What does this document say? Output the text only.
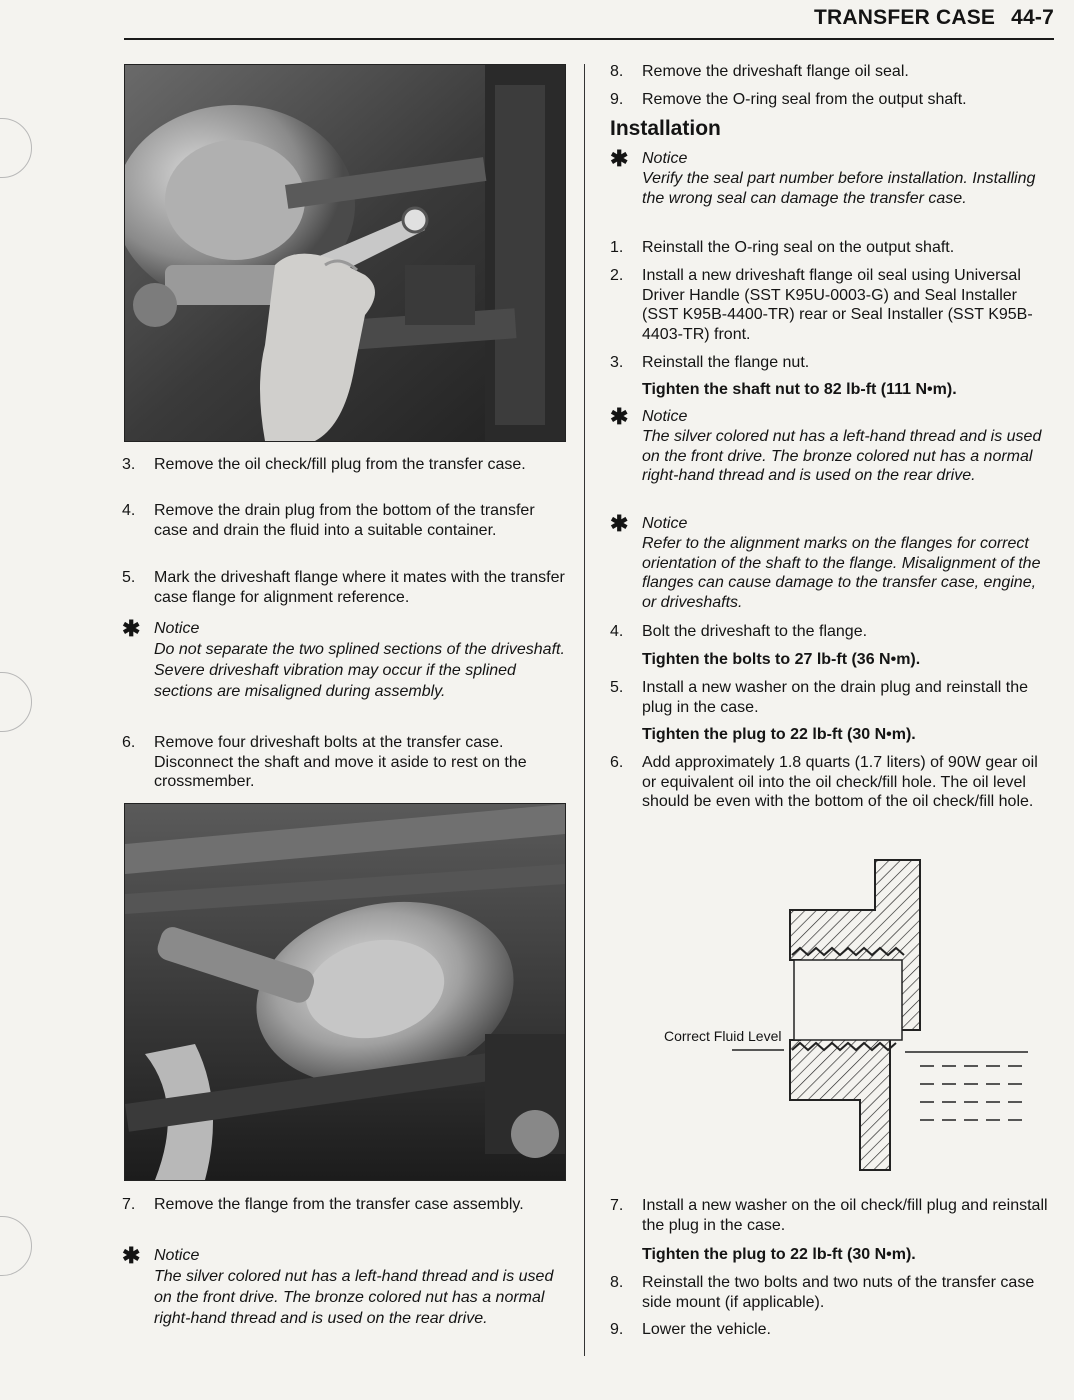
TRANSFER CASE 44-7
3.	Remove the oil check/fill plug from the transfer case.
4.	Remove the drain plug from the bottom of the transfer case and drain the fluid into a suitable container.
5.	Mark the driveshaft flange where it mates with the transfer case flange for alignment reference.
✱ Notice
Do not separate the two splined sections of the driveshaft. Severe driveshaft vibration may occur if the splined sections are misaligned during assembly.
6.	Remove four driveshaft bolts at the transfer case. Disconnect the shaft and move it aside to rest on the crossmember.
7.	Remove the flange from the transfer case assembly.
✱ Notice
The silver colored nut has a left-hand thread and is used on the front drive. The bronze colored nut has a normal right-hand thread and is used on the rear drive.
8.	Remove the driveshaft flange oil seal.
9.	Remove the O-ring seal from the output shaft.
Installation
✱ Notice
Verify the seal part number before installation. Installing the wrong seal can damage the transfer case.
1.	Reinstall the O-ring seal on the output shaft.
2.	Install a new driveshaft flange oil seal using Universal Driver Handle (SST K95U-0003-G) and Seal Installer (SST K95B-4400-TR) rear or Seal Installer (SST K95B-4403-TR) front.
3.	Reinstall the flange nut.
Tighten the shaft nut to 82 lb-ft (111 N•m).
✱ Notice
The silver colored nut has a left-hand thread and is used on the front drive. The bronze colored nut has a normal right-hand thread and is used on the rear drive.
✱ Notice
Refer to the alignment marks on the flanges for correct orientation of the shaft to the flange. Misalignment of the flanges can cause damage to the transfer case, engine, or driveshafts.
4.	Bolt the driveshaft to the flange.
Tighten the bolts to 27 lb-ft (36 N•m).
5.	Install a new washer on the drain plug and reinstall the plug in the case.
Tighten the plug to 22 lb-ft (30 N•m).
6.	Add approximately 1.8 quarts (1.7 liters) of 90W gear oil or equivalent oil into the oil check/fill hole. The oil level should be even with the bottom of the oil check/fill hole.
7.	Install a new washer on the oil check/fill plug and reinstall the plug in the case.
Tighten the plug to 22 lb-ft (30 N•m).
8.	Reinstall the two bolts and two nuts of the transfer case side mount (if applicable).
9.	Lower the vehicle.
Correct Fluid Level
